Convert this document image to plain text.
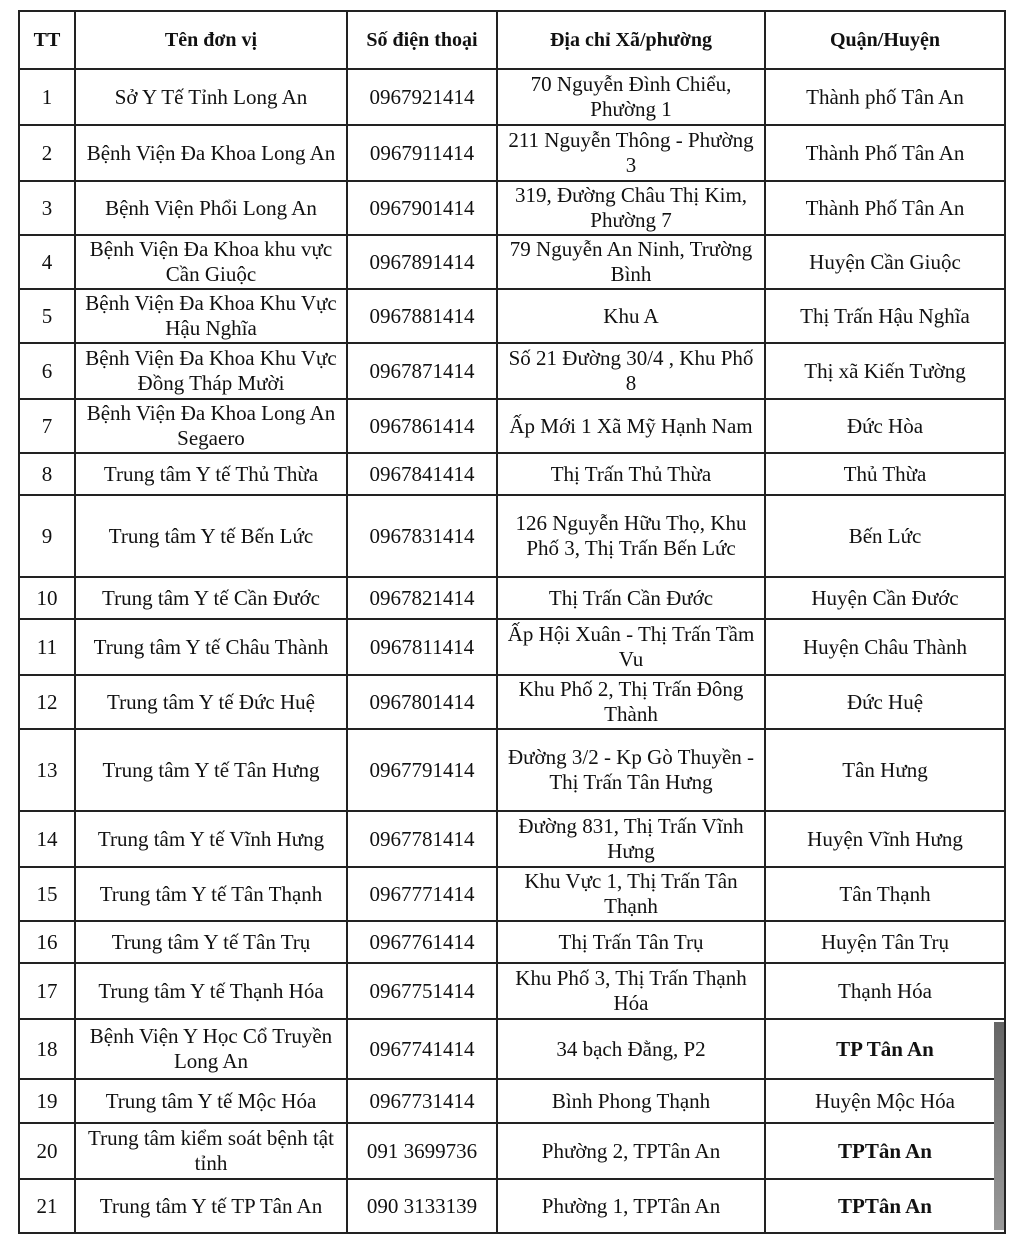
TT	Tên đơn vị	Số điện thoại	Địa chỉ Xã/phường	Quận/Huyện
1	Sở Y Tế Tỉnh Long An	0967921414	70 Nguyễn Đình Chiểu, Phường 1	Thành phố Tân An
2	Bệnh Viện Đa Khoa Long An	0967911414	211 Nguyễn Thông - Phường 3	Thành Phố Tân An
3	Bệnh Viện Phổi Long An	0967901414	319, Đường Châu Thị Kim, Phường 7	Thành Phố Tân An
4	Bệnh Viện Đa Khoa khu vực Cần Giuộc	0967891414	79 Nguyễn An Ninh, Trường Bình	Huyện Cần Giuộc
5	Bệnh Viện Đa Khoa Khu Vực Hậu Nghĩa	0967881414	Khu A	Thị Trấn Hậu Nghĩa
6	Bệnh Viện Đa Khoa Khu Vực Đồng Tháp Mười	0967871414	Số 21 Đường 30/4 , Khu Phố 8	Thị xã Kiến Tường
7	Bệnh Viện Đa Khoa Long An Segaero	0967861414	Ấp Mới 1 Xã Mỹ Hạnh Nam	Đức Hòa
8	Trung tâm Y tế Thủ Thừa	0967841414	Thị Trấn Thủ Thừa	Thủ Thừa
9	Trung tâm Y tế Bến Lức	0967831414	126 Nguyễn Hữu Thọ, Khu Phố 3, Thị Trấn Bến Lức	Bến Lức
10	Trung tâm Y tế Cần Đước	0967821414	Thị Trấn Cần Đước	Huyện Cần Đước
11	Trung tâm Y tế Châu Thành	0967811414	Ấp Hội Xuân - Thị Trấn Tầm Vu	Huyện Châu Thành
12	Trung tâm Y tế Đức Huệ	0967801414	Khu Phố 2, Thị Trấn Đông Thành	Đức Huệ
13	Trung tâm Y tế Tân Hưng	0967791414	Đường 3/2 - Kp Gò Thuyền - Thị Trấn Tân Hưng	Tân Hưng
14	Trung tâm Y tế Vĩnh Hưng	0967781414	Đường 831, Thị Trấn Vĩnh Hưng	Huyện Vĩnh Hưng
15	Trung tâm Y tế Tân Thạnh	0967771414	Khu Vực 1, Thị Trấn Tân Thạnh	Tân Thạnh
16	Trung tâm Y tế Tân Trụ	0967761414	Thị Trấn Tân Trụ	Huyện Tân Trụ
17	Trung tâm Y tế Thạnh Hóa	0967751414	Khu Phố 3, Thị Trấn Thạnh Hóa	Thạnh Hóa
18	Bệnh Viện Y Học Cổ Truyền Long An	0967741414	34 bạch Đằng, P2	TP Tân An
19	Trung tâm Y tế Mộc Hóa	0967731414	Bình Phong Thạnh	Huyện Mộc Hóa
20	Trung tâm kiểm soát bệnh tật tỉnh	091 3699736	Phường 2, TPTân An	TPTân An
21	Trung tâm Y tế TP Tân An	090 3133139	Phường 1, TPTân An	TPTân An
